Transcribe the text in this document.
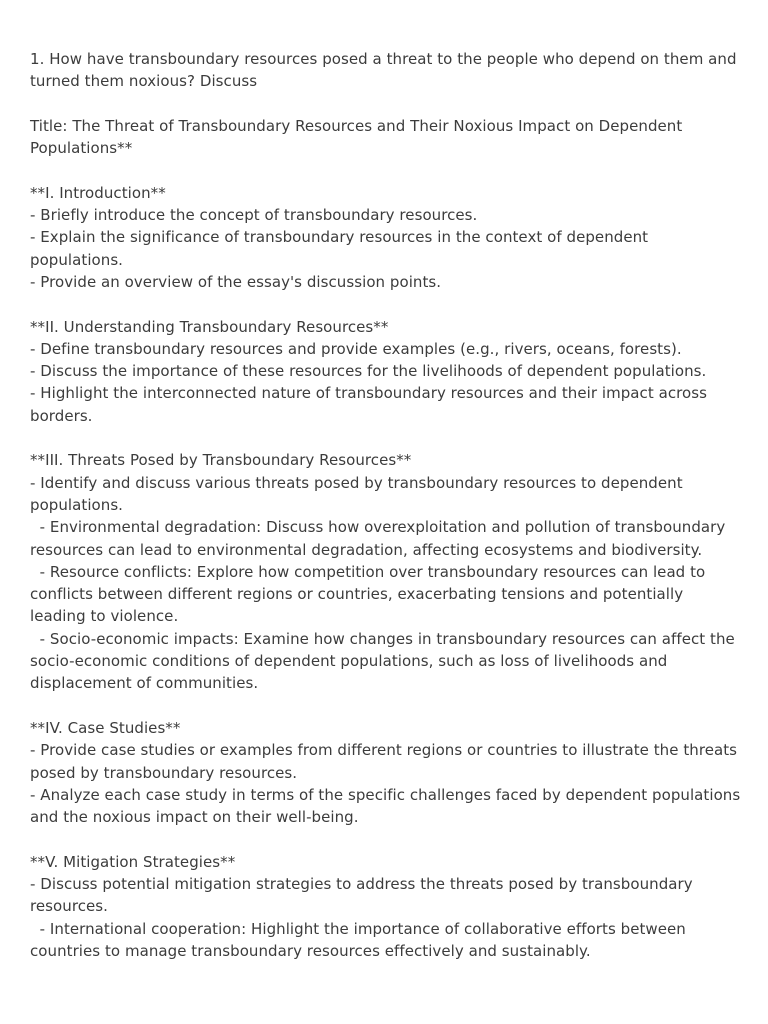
1. How have transboundary resources posed a threat to the people who depend on them and turned them noxious? Discuss

Title: The Threat of Transboundary Resources and Their Noxious Impact on Dependent Populations**

**I. Introduction**
- Briefly introduce the concept of transboundary resources.
- Explain the significance of transboundary resources in the context of dependent populations.
- Provide an overview of the essay's discussion points.
**II. Understanding Transboundary Resources**
- Define transboundary resources and provide examples (e.g., rivers, oceans, forests).
- Discuss the importance of these resources for the livelihoods of dependent populations.
- Highlight the interconnected nature of transboundary resources and their impact across borders.
**III. Threats Posed by Transboundary Resources**
- Identify and discuss various threats posed by transboundary resources to dependent populations.
- Environmental degradation: Discuss how overexploitation and pollution of transboundary resources can lead to environmental degradation, affecting ecosystems and biodiversity.
- Resource conflicts: Explore how competition over transboundary resources can lead to conflicts between different regions or countries, exacerbating tensions and potentially leading to violence.
- Socio-economic impacts: Examine how changes in transboundary resources can affect the socio-economic conditions of dependent populations, such as loss of livelihoods and displacement of communities.
**IV. Case Studies**
- Provide case studies or examples from different regions or countries to illustrate the threats posed by transboundary resources.
- Analyze each case study in terms of the specific challenges faced by dependent populations and the noxious impact on their well-being.
**V. Mitigation Strategies**
- Discuss potential mitigation strategies to address the threats posed by transboundary resources.
- International cooperation: Highlight the importance of collaborative efforts between countries to manage transboundary resources effectively and sustainably.
